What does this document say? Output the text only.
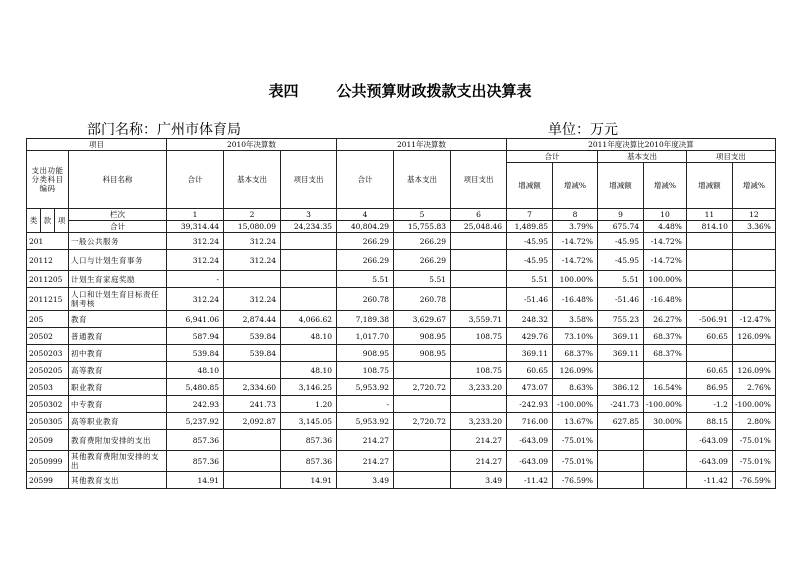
表四	公共预算财政拨款支出决算表
部门名称：广州市体育局	单位：万元
项目				2010年决算数			2011年决算数			2011年度决算比2010年度决算					
支出功能分类科目编码			科目名称	合计	基本支出	项目支出	合计	基本支出	项目支出	合计		基本支出		项目支出	
										增减额	增减%	增减额	增减%	增减额	增减%
类	款	项	栏次	1	2	3	4	5	6	7	8	9	10	11	12
			合计	39,314.44	15,080.09	24,234.35	40,804.29	15,755.83	25,048.46	1,489.85	3.79%	675.74	4.48%	814.10	3.36%
201			一般公共服务	312.24	312.24		266.29	266.29		-45.95	-14.72%	-45.95	-14.72%		
20112			人口与计划生育事务	312.24	312.24		266.29	266.29		-45.95	-14.72%	-45.95	-14.72%		
2011205			计划生育家庭奖励	-			5.51	5.51		5.51	100.00%	5.51	100.00%		
2011215			人口和计划生育目标责任制考核	312.24	312.24		260.78	260.78		-51.46	-16.48%	-51.46	-16.48%		
205			教育	6,941.06	2,874.44	4,066.62	7,189.38	3,629.67	3,559.71	248.32	3.58%	755.23	26.27%	-506.91	-12.47%
20502			普通教育	587.94	539.84	48.10	1,017.70	908.95	108.75	429.76	73.10%	369.11	68.37%	60.65	126.09%
2050203			初中教育	539.84	539.84		908.95	908.95		369.11	68.37%	369.11	68.37%		
2050205			高等教育	48.10		48.10	108.75		108.75	60.65	126.09%			60.65	126.09%
20503			职业教育	5,480.85	2,334.60	3,146.25	5,953.92	2,720.72	3,233.20	473.07	8.63%	386.12	16.54%	86.95	2.76%
2050302			中专教育	242.93	241.73	1.20	-			-242.93	-100.00%	-241.73	-100.00%	-1.2	-100.00%
2050305			高等职业教育	5,237.92	2,092.87	3,145.05	5,953.92	2,720.72	3,233.20	716.00	13.67%	627.85	30.00%	88.15	2.80%
20509			教育费附加安排的支出	857.36		857.36	214.27		214.27	-643.09	-75.01%			-643.09	-75.01%
2050999			其他教育费附加安排的支出	857.36		857.36	214.27		214.27	-643.09	-75.01%			-643.09	-75.01%
20599			其他教育支出	14.91		14.91	3.49		3.49	-11.42	-76.59%			-11.42	-76.59%
